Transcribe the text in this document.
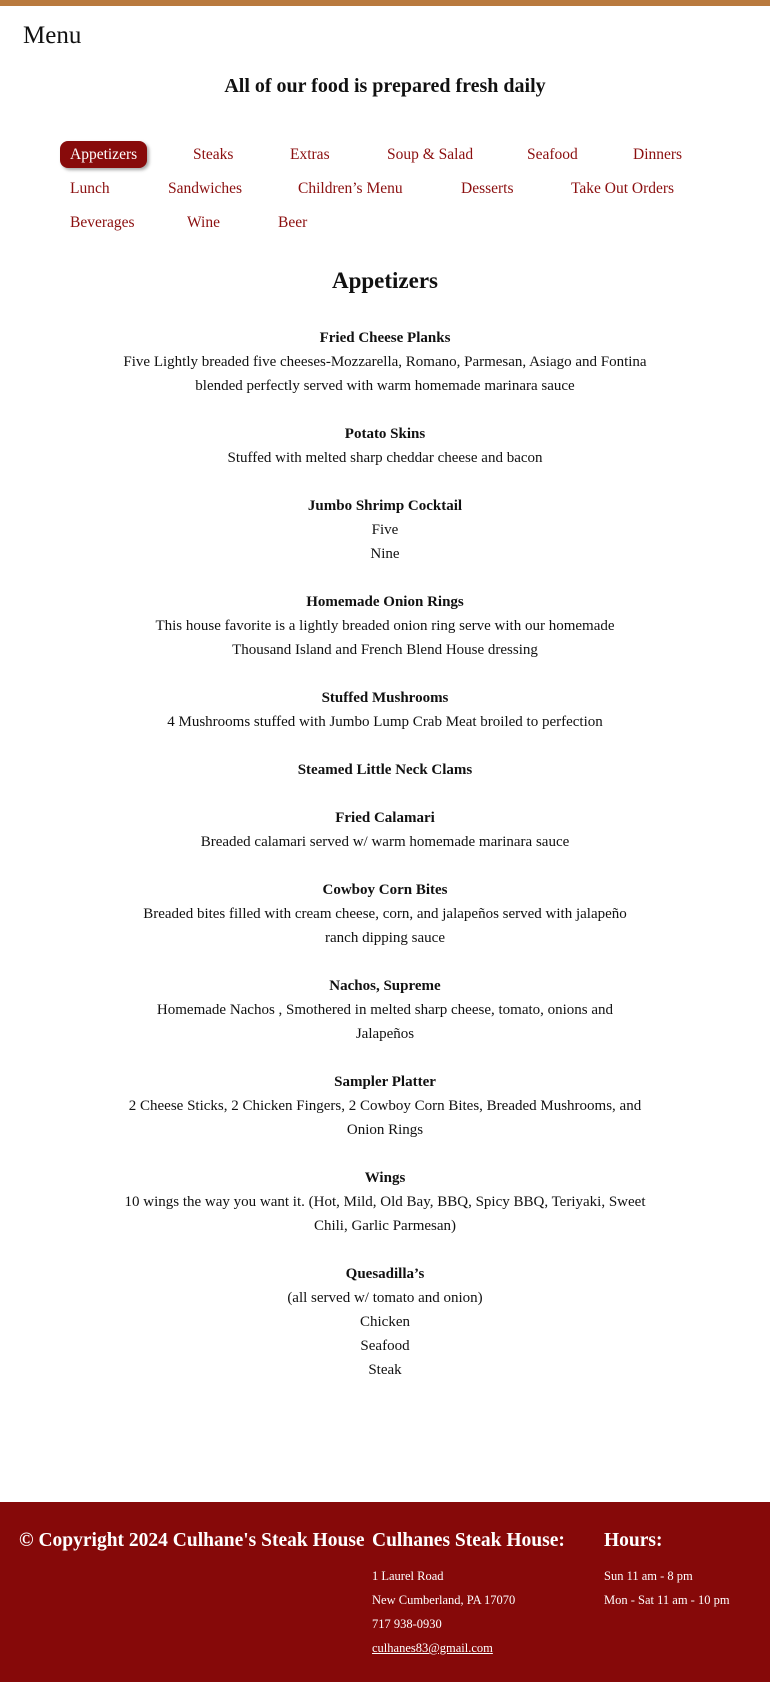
Menu
All of our food is prepared fresh daily
Appetizers	Steaks	Extras	Soup & Salad	Seafood	Dinners
Lunch	Sandwiches	Children’s Menu	Desserts	Take Out Orders
Beverages	Wine	Beer
Appetizers
Fried Cheese Planks
Five Lightly breaded five cheeses-Mozzarella, Romano, Parmesan, Asiago and Fontina
blended perfectly served with warm homemade marinara sauce
Potato Skins
Stuffed with melted sharp cheddar cheese and bacon
Jumbo Shrimp Cocktail
Five
Nine
Homemade Onion Rings
This house favorite is a lightly breaded onion ring serve with our homemade
Thousand Island and French Blend House dressing
Stuffed Mushrooms
4 Mushrooms stuffed with Jumbo Lump Crab Meat broiled to perfection
Steamed Little Neck Clams
Fried Calamari
Breaded calamari served w/ warm homemade marinara sauce
Cowboy Corn Bites
Breaded bites filled with cream cheese, corn, and jalapeños served with jalapeño
ranch dipping sauce
Nachos, Supreme
Homemade Nachos , Smothered in melted sharp cheese, tomato, onions and
Jalapeños
Sampler Platter
2 Cheese Sticks, 2 Chicken Fingers, 2 Cowboy Corn Bites, Breaded Mushrooms, and
Onion Rings
Wings
10 wings the way you want it. (Hot, Mild, Old Bay, BBQ, Spicy BBQ, Teriyaki, Sweet
Chili, Garlic Parmesan)
Quesadilla’s
(all served w/ tomato and onion)
Chicken
Seafood
Steak
© Copyright 2024 Culhane's Steak House Culhanes Steak House:
1 Laurel Road
New Cumberland, PA 17070
717 938-0930
culhanes83@gmail.com
Hours:
Sun 11 am - 8 pm
Mon - Sat 11 am - 10 pm
